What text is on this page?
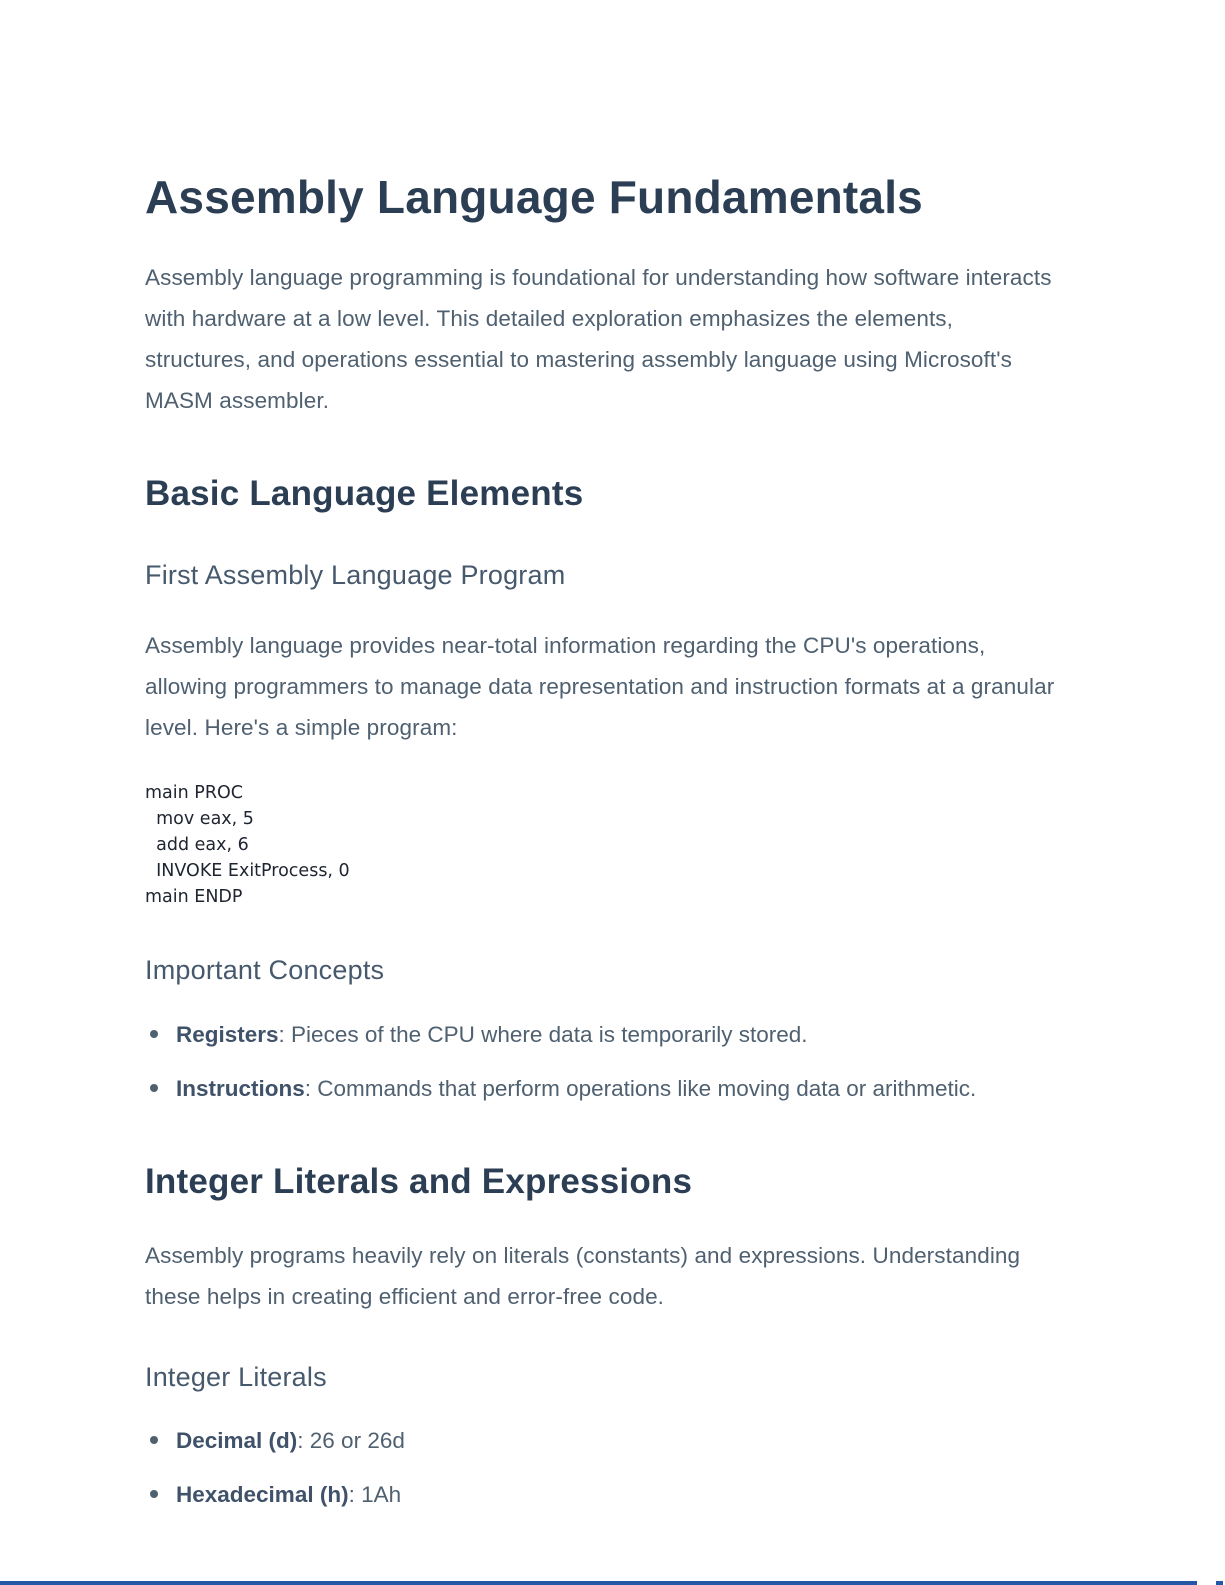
Assembly Language Fundamentals

Assembly language programming is foundational for understanding how software interacts with hardware at a low level. This detailed exploration emphasizes the elements, structures, and operations essential to mastering assembly language using Microsoft's MASM assembler.

Basic Language Elements
First Assembly Language Program

Assembly language provides near-total information regarding the CPU's operations, allowing programmers to manage data representation and instruction formats at a granular level. Here's a simple program:

main PROC
mov eax, 5
add eax, 6
INVOKE ExitProcess, 0
main ENDP
Important Concepts
Registers: Pieces of the CPU where data is temporarily stored.
Instructions: Commands that perform operations like moving data or arithmetic.
Integer Literals and Expressions

Assembly programs heavily rely on literals (constants) and expressions. Understanding these helps in creating efficient and error-free code.

Integer Literals
Decimal (d): 26 or 26d
Hexadecimal (h): 1Ah
